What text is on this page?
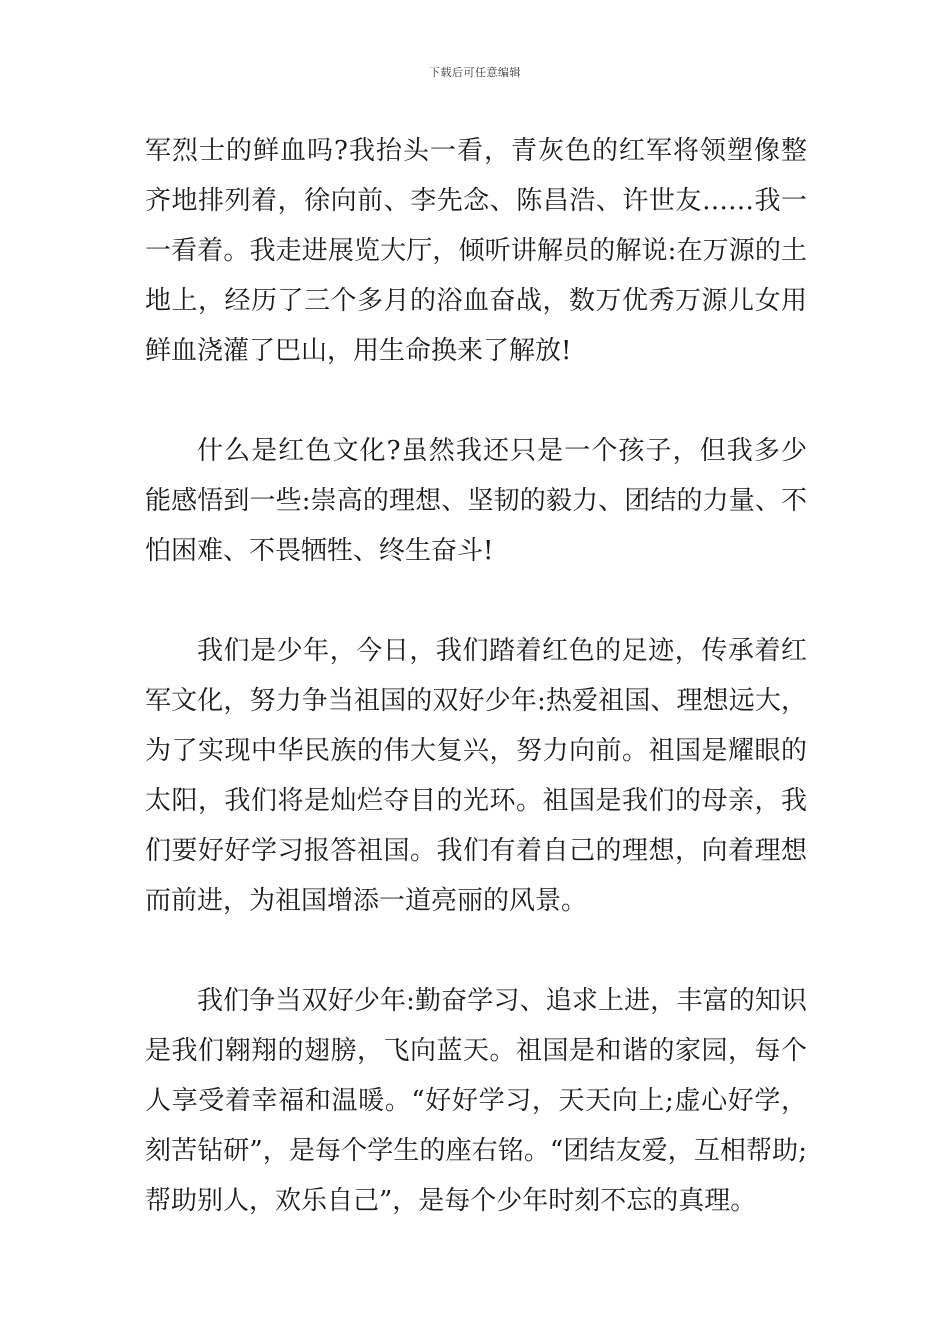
下载后可任意编辑

军烈士的鲜血吗?我抬头一看，青灰色的红军将领塑像整齐地排列着，徐向前、李先念、陈昌浩、许世友……我一一看着。我走进展览大厅，倾听讲解员的解说:在万源的土地上，经历了三个多月的浴血奋战，数万优秀万源儿女用鲜血浇灌了巴山，用生命换来了解放!

什么是红色文化?虽然我还只是一个孩子，但我多少能感悟到一些:崇高的理想、坚韧的毅力、团结的力量、不怕困难、不畏牺牲、终生奋斗!

我们是少年，今日，我们踏着红色的足迹，传承着红军文化，努力争当祖国的双好少年:热爱祖国、理想远大，为了实现中华民族的伟大复兴，努力向前。祖国是耀眼的太阳，我们将是灿烂夺目的光环。祖国是我们的母亲，我们要好好学习报答祖国。我们有着自己的理想，向着理想而前进，为祖国增添一道亮丽的风景。

我们争当双好少年:勤奋学习、追求上进，丰富的知识是我们翱翔的翅膀，飞向蓝天。祖国是和谐的家园，每个人享受着幸福和温暖。“好好学习，天天向上;虚心好学，刻苦钻研”，是每个学生的座右铭。“团结友爱，互相帮助;帮助别人，欢乐自己”，是每个少年时刻不忘的真理。
